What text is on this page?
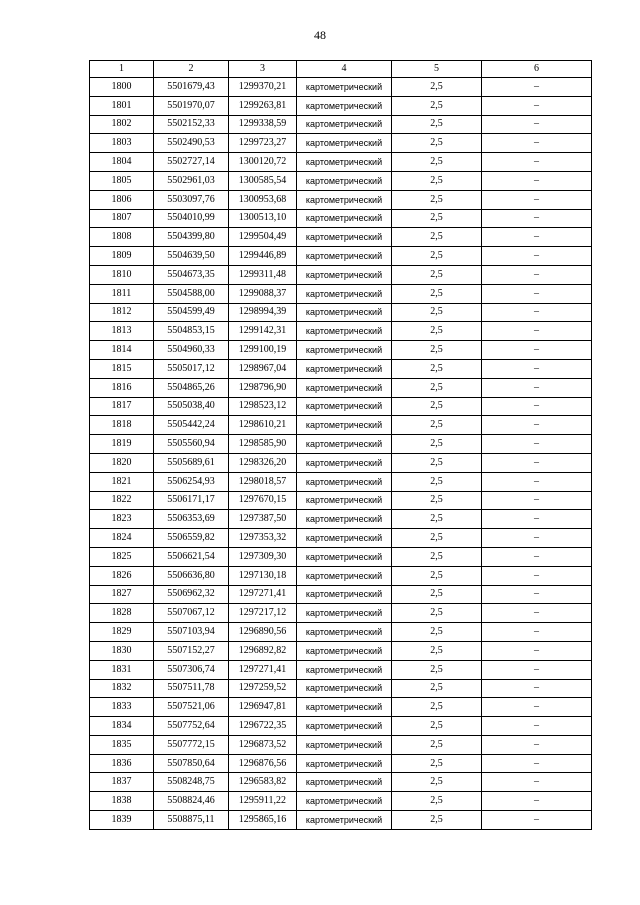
48
1	2	3	4	5	6
1800	5501679,43	1299370,21	картометрический	2,5	–
1801	5501970,07	1299263,81	картометрический	2,5	–
1802	5502152,33	1299338,59	картометрический	2,5	–
1803	5502490,53	1299723,27	картометрический	2,5	–
1804	5502727,14	1300120,72	картометрический	2,5	–
1805	5502961,03	1300585,54	картометрический	2,5	–
1806	5503097,76	1300953,68	картометрический	2,5	–
1807	5504010,99	1300513,10	картометрический	2,5	–
1808	5504399,80	1299504,49	картометрический	2,5	–
1809	5504639,50	1299446,89	картометрический	2,5	–
1810	5504673,35	1299311,48	картометрический	2,5	–
1811	5504588,00	1299088,37	картометрический	2,5	–
1812	5504599,49	1298994,39	картометрический	2,5	–
1813	5504853,15	1299142,31	картометрический	2,5	–
1814	5504960,33	1299100,19	картометрический	2,5	–
1815	5505017,12	1298967,04	картометрический	2,5	–
1816	5504865,26	1298796,90	картометрический	2,5	–
1817	5505038,40	1298523,12	картометрический	2,5	–
1818	5505442,24	1298610,21	картометрический	2,5	–
1819	5505560,94	1298585,90	картометрический	2,5	–
1820	5505689,61	1298326,20	картометрический	2,5	–
1821	5506254,93	1298018,57	картометрический	2,5	–
1822	5506171,17	1297670,15	картометрический	2,5	–
1823	5506353,69	1297387,50	картометрический	2,5	–
1824	5506559,82	1297353,32	картометрический	2,5	–
1825	5506621,54	1297309,30	картометрический	2,5	–
1826	5506636,80	1297130,18	картометрический	2,5	–
1827	5506962,32	1297271,41	картометрический	2,5	–
1828	5507067,12	1297217,12	картометрический	2,5	–
1829	5507103,94	1296890,56	картометрический	2,5	–
1830	5507152,27	1296892,82	картометрический	2,5	–
1831	5507306,74	1297271,41	картометрический	2,5	–
1832	5507511,78	1297259,52	картометрический	2,5	–
1833	5507521,06	1296947,81	картометрический	2,5	–
1834	5507752,64	1296722,35	картометрический	2,5	–
1835	5507772,15	1296873,52	картометрический	2,5	–
1836	5507850,64	1296876,56	картометрический	2,5	–
1837	5508248,75	1296583,82	картометрический	2,5	–
1838	5508824,46	1295911,22	картометрический	2,5	–
1839	5508875,11	1295865,16	картометрический	2,5	–
